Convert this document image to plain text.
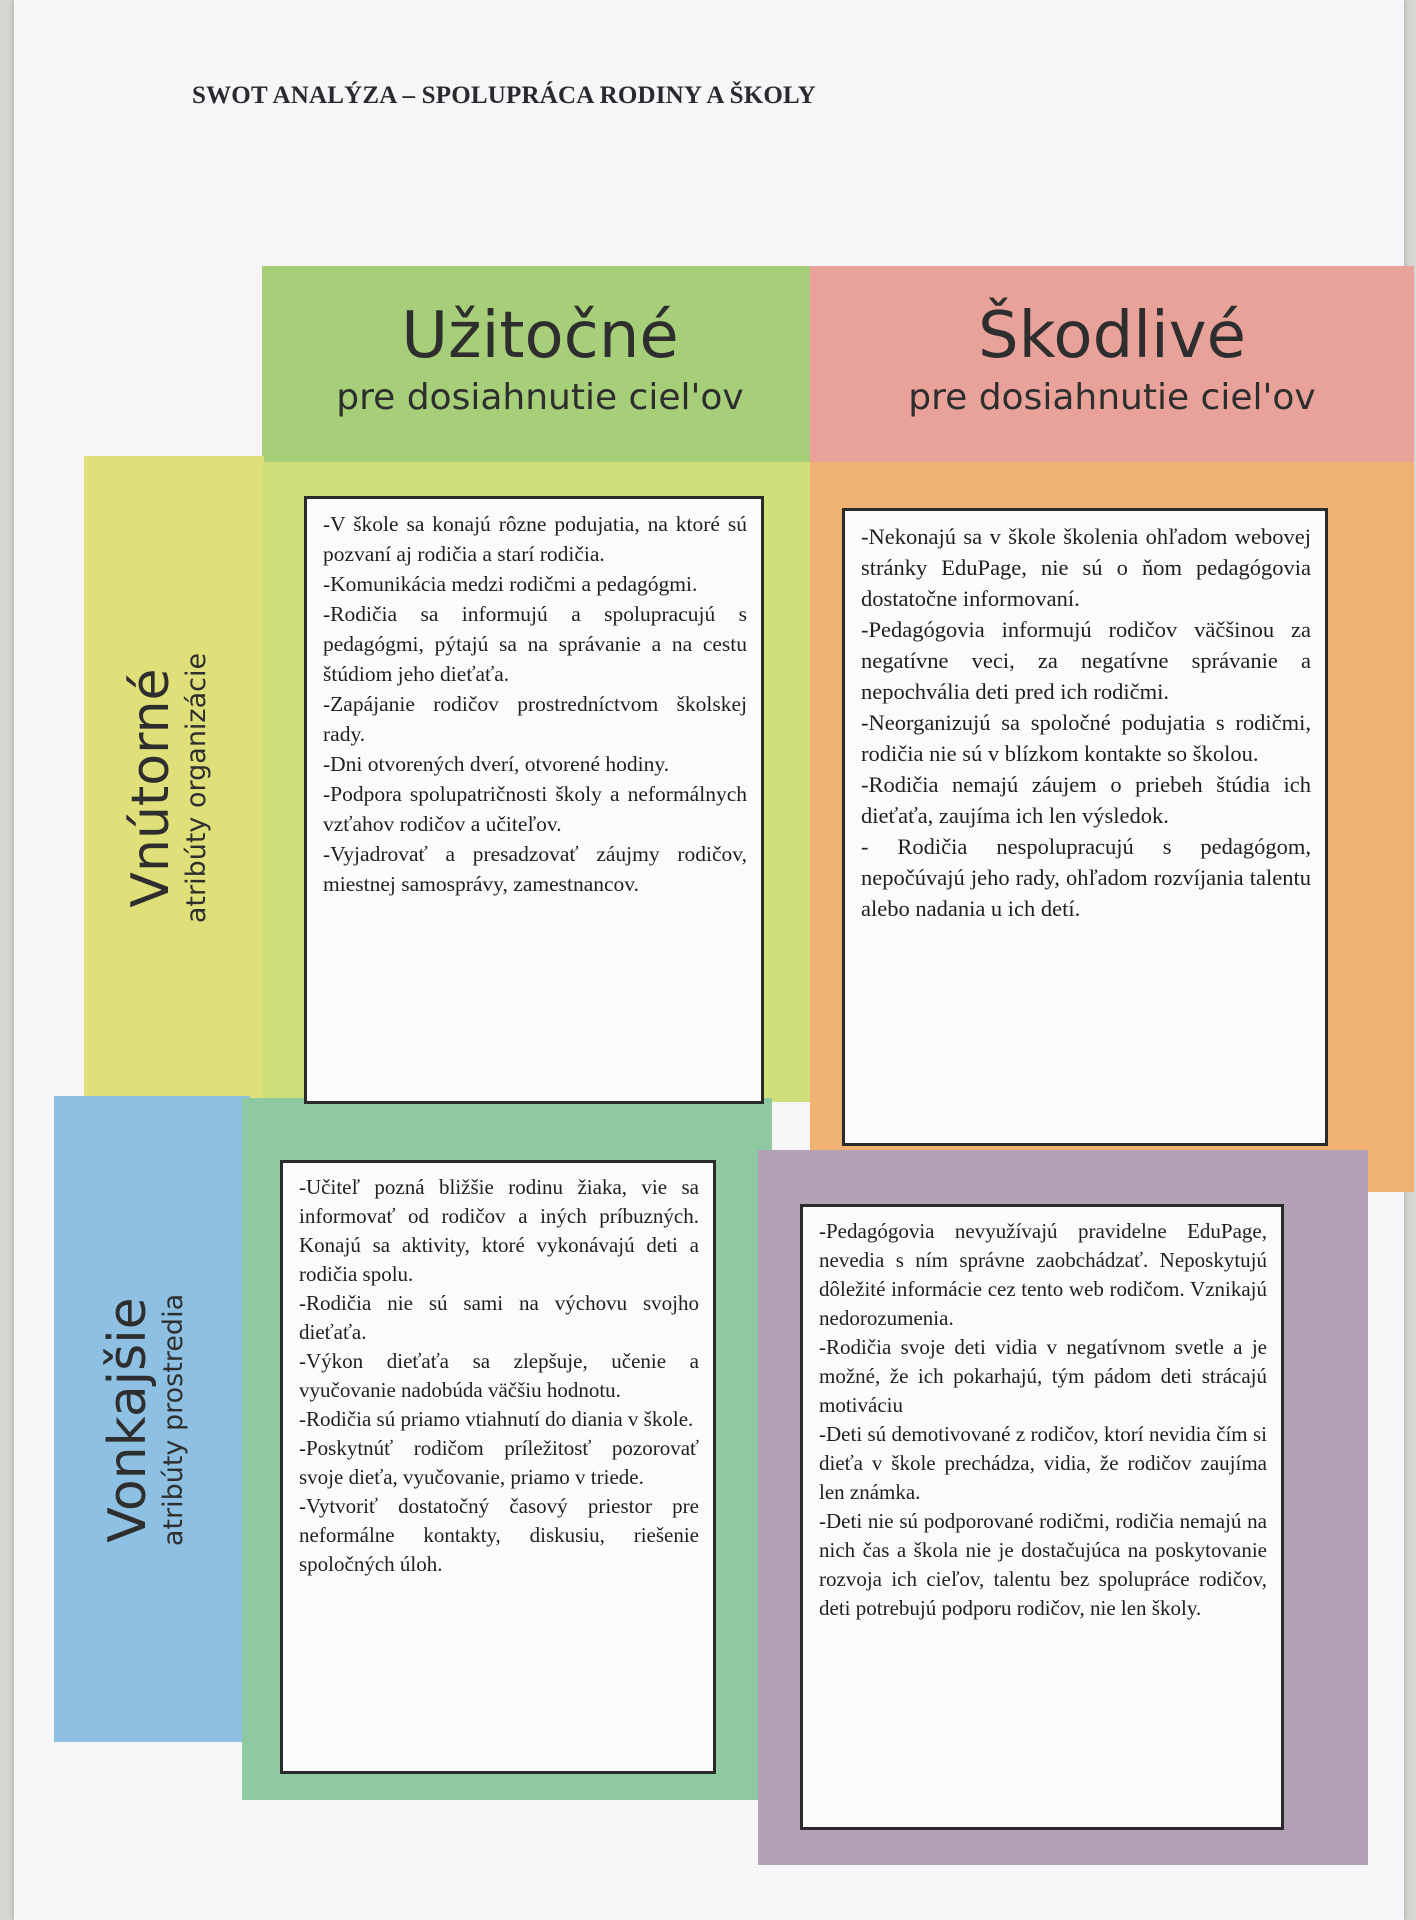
SWOT ANALÝZA – SPOLUPRÁCA RODINY A ŠKOLY
Užitočné
pre dosiahnutie ciel'ov
Škodlivé
pre dosiahnutie ciel'ov
Vnútorné atribúty organizácie
Vonkajšie atribúty prostredia

-V škole sa konajú rôzne podujatia, na ktoré sú pozvaní aj rodičia a starí rodičia.

-Komunikácia medzi rodičmi a pedagógmi.

-Rodičia sa informujú a spolupracujú s pedagógmi, pýtajú sa na správanie a na cestu štúdiom jeho dieťaťa.

-Zapájanie rodičov prostredníctvom školskej rady.

-Dni otvorených dverí, otvorené hodiny.

-Podpora spolupatričnosti školy a neformálnych vzťahov rodičov a učiteľov.

-Vyjadrovať a presadzovať záujmy rodičov, miestnej samosprávy, zamestnancov.

-Nekonajú sa v škole školenia ohľadom webovej stránky EduPage, nie sú o ňom pedagógovia dostatočne informovaní.

-Pedagógovia informujú rodičov väčšinou za negatívne veci, za negatívne správanie a nepochvália deti pred ich rodičmi.

-Neorganizujú sa spoločné podujatia s rodičmi, rodičia nie sú v blízkom kontakte so školou.

-Rodičia nemajú záujem o priebeh štúdia ich dieťaťa, zaujíma ich len výsledok.

- Rodičia nespolupracujú s pedagógom, nepočúvajú jeho rady, ohľadom rozvíjania talentu alebo nadania u ich detí.

-Učiteľ pozná bližšie rodinu žiaka, vie sa informovať od rodičov a iných príbuzných. Konajú sa aktivity, ktoré vykonávajú deti a rodičia spolu.

-Rodičia nie sú sami na výchovu svojho dieťaťa.

-Výkon dieťaťa sa zlepšuje, učenie a vyučovanie nadobúda väčšiu hodnotu.

-Rodičia sú priamo vtiahnutí do diania v škole.

-Poskytnúť rodičom príležitosť pozorovať svoje dieťa, vyučovanie, priamo v triede.

-Vytvoriť dostatočný časový priestor pre neformálne kontakty, diskusiu, riešenie spoločných úloh.

-Pedagógovia nevyužívajú pravidelne EduPage, nevedia s ním správne zaobchádzať. Neposkytujú dôležité informácie cez tento web rodičom. Vznikajú nedorozumenia.

-Rodičia svoje deti vidia v negatívnom svetle a je možné, že ich pokarhajú, tým pádom deti strácajú motiváciu

-Deti sú demotivované z rodičov, ktorí nevidia čím si dieťa v škole prechádza, vidia, že rodičov zaujíma len známka.

-Deti nie sú podporované rodičmi, rodičia nemajú na nich čas a škola nie je dostačujúca na poskytovanie rozvoja ich cieľov, talentu bez spolupráce rodičov, deti potrebujú podporu rodičov, nie len školy.
